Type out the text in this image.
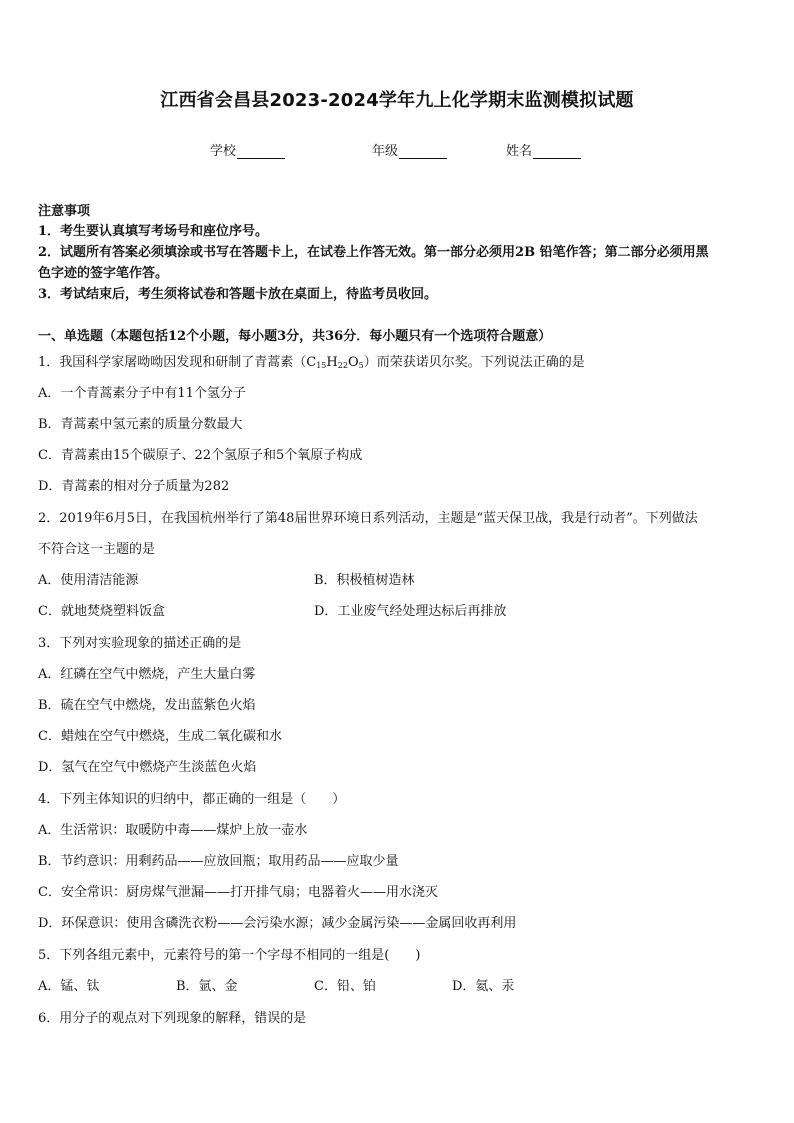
江西省会昌县2023-2024学年九上化学期末监测模拟试题
学校	年级	姓名
注意事项
1．考生要认真填写考场号和座位序号。
2．试题所有答案必须填涂或书写在答题卡上，在试卷上作答无效。第一部分必须用2B 铅笔作答；第二部分必须用黑
色字迹的签字笔作答。
3．考试结束后，考生须将试卷和答题卡放在桌面上，待监考员收回。
一、单选题（本题包括12个小题，每小题3分，共36分．每小题只有一个选项符合题意）
1．我国科学家屠呦呦因发现和研制了青蒿素$(C_{15}H_{22}O_5)$而荣获诺贝尔奖。下列说法正确的是
A．一个青蒿素分子中有11个氢分子
B．青蒿素中氢元素的质量分数最大
C．青蒿素由15个碳原子、22个氢原子和5个氧原子构成
D．青蒿素的相对分子质量为282
2．2019年6月5日，在我国杭州举行了第48届世界环境日系列活动，主题是“蓝天保卫战，我是行动者”。下列做法
不符合这一主题的是
A．使用清洁能源	B．积极植树造林
C．就地焚烧塑料饭盒	D．工业废气经处理达标后再排放
3．下列对实验现象的描述正确的是
A．红磷在空气中燃烧，产生大量白雾
B．硫在空气中燃烧，发出蓝紫色火焰
C．蜡烛在空气中燃烧，生成二氧化碳和水
D．氢气在空气中燃烧产生淡蓝色火焰
4．下列主体知识的归纳中，都正确的一组是（　　）
A．生活常识：取暖防中毒——煤炉上放一壶水
B．节约意识：用剩药品——应放回瓶；取用药品——应取少量
C．安全常识：厨房煤气泄漏——打开排气扇；电器着火——用水浇灭
D．环保意识：使用含磷洗衣粉——会污染水源；减少金属污染——金属回收再利用
5．下列各组元素中，元素符号的第一个字母不相同的一组是(　　)
A．锰、钛	B．氩、金	C．铅、铂	D．氦、汞
6．用分子的观点对下列现象的解释，错误的是
